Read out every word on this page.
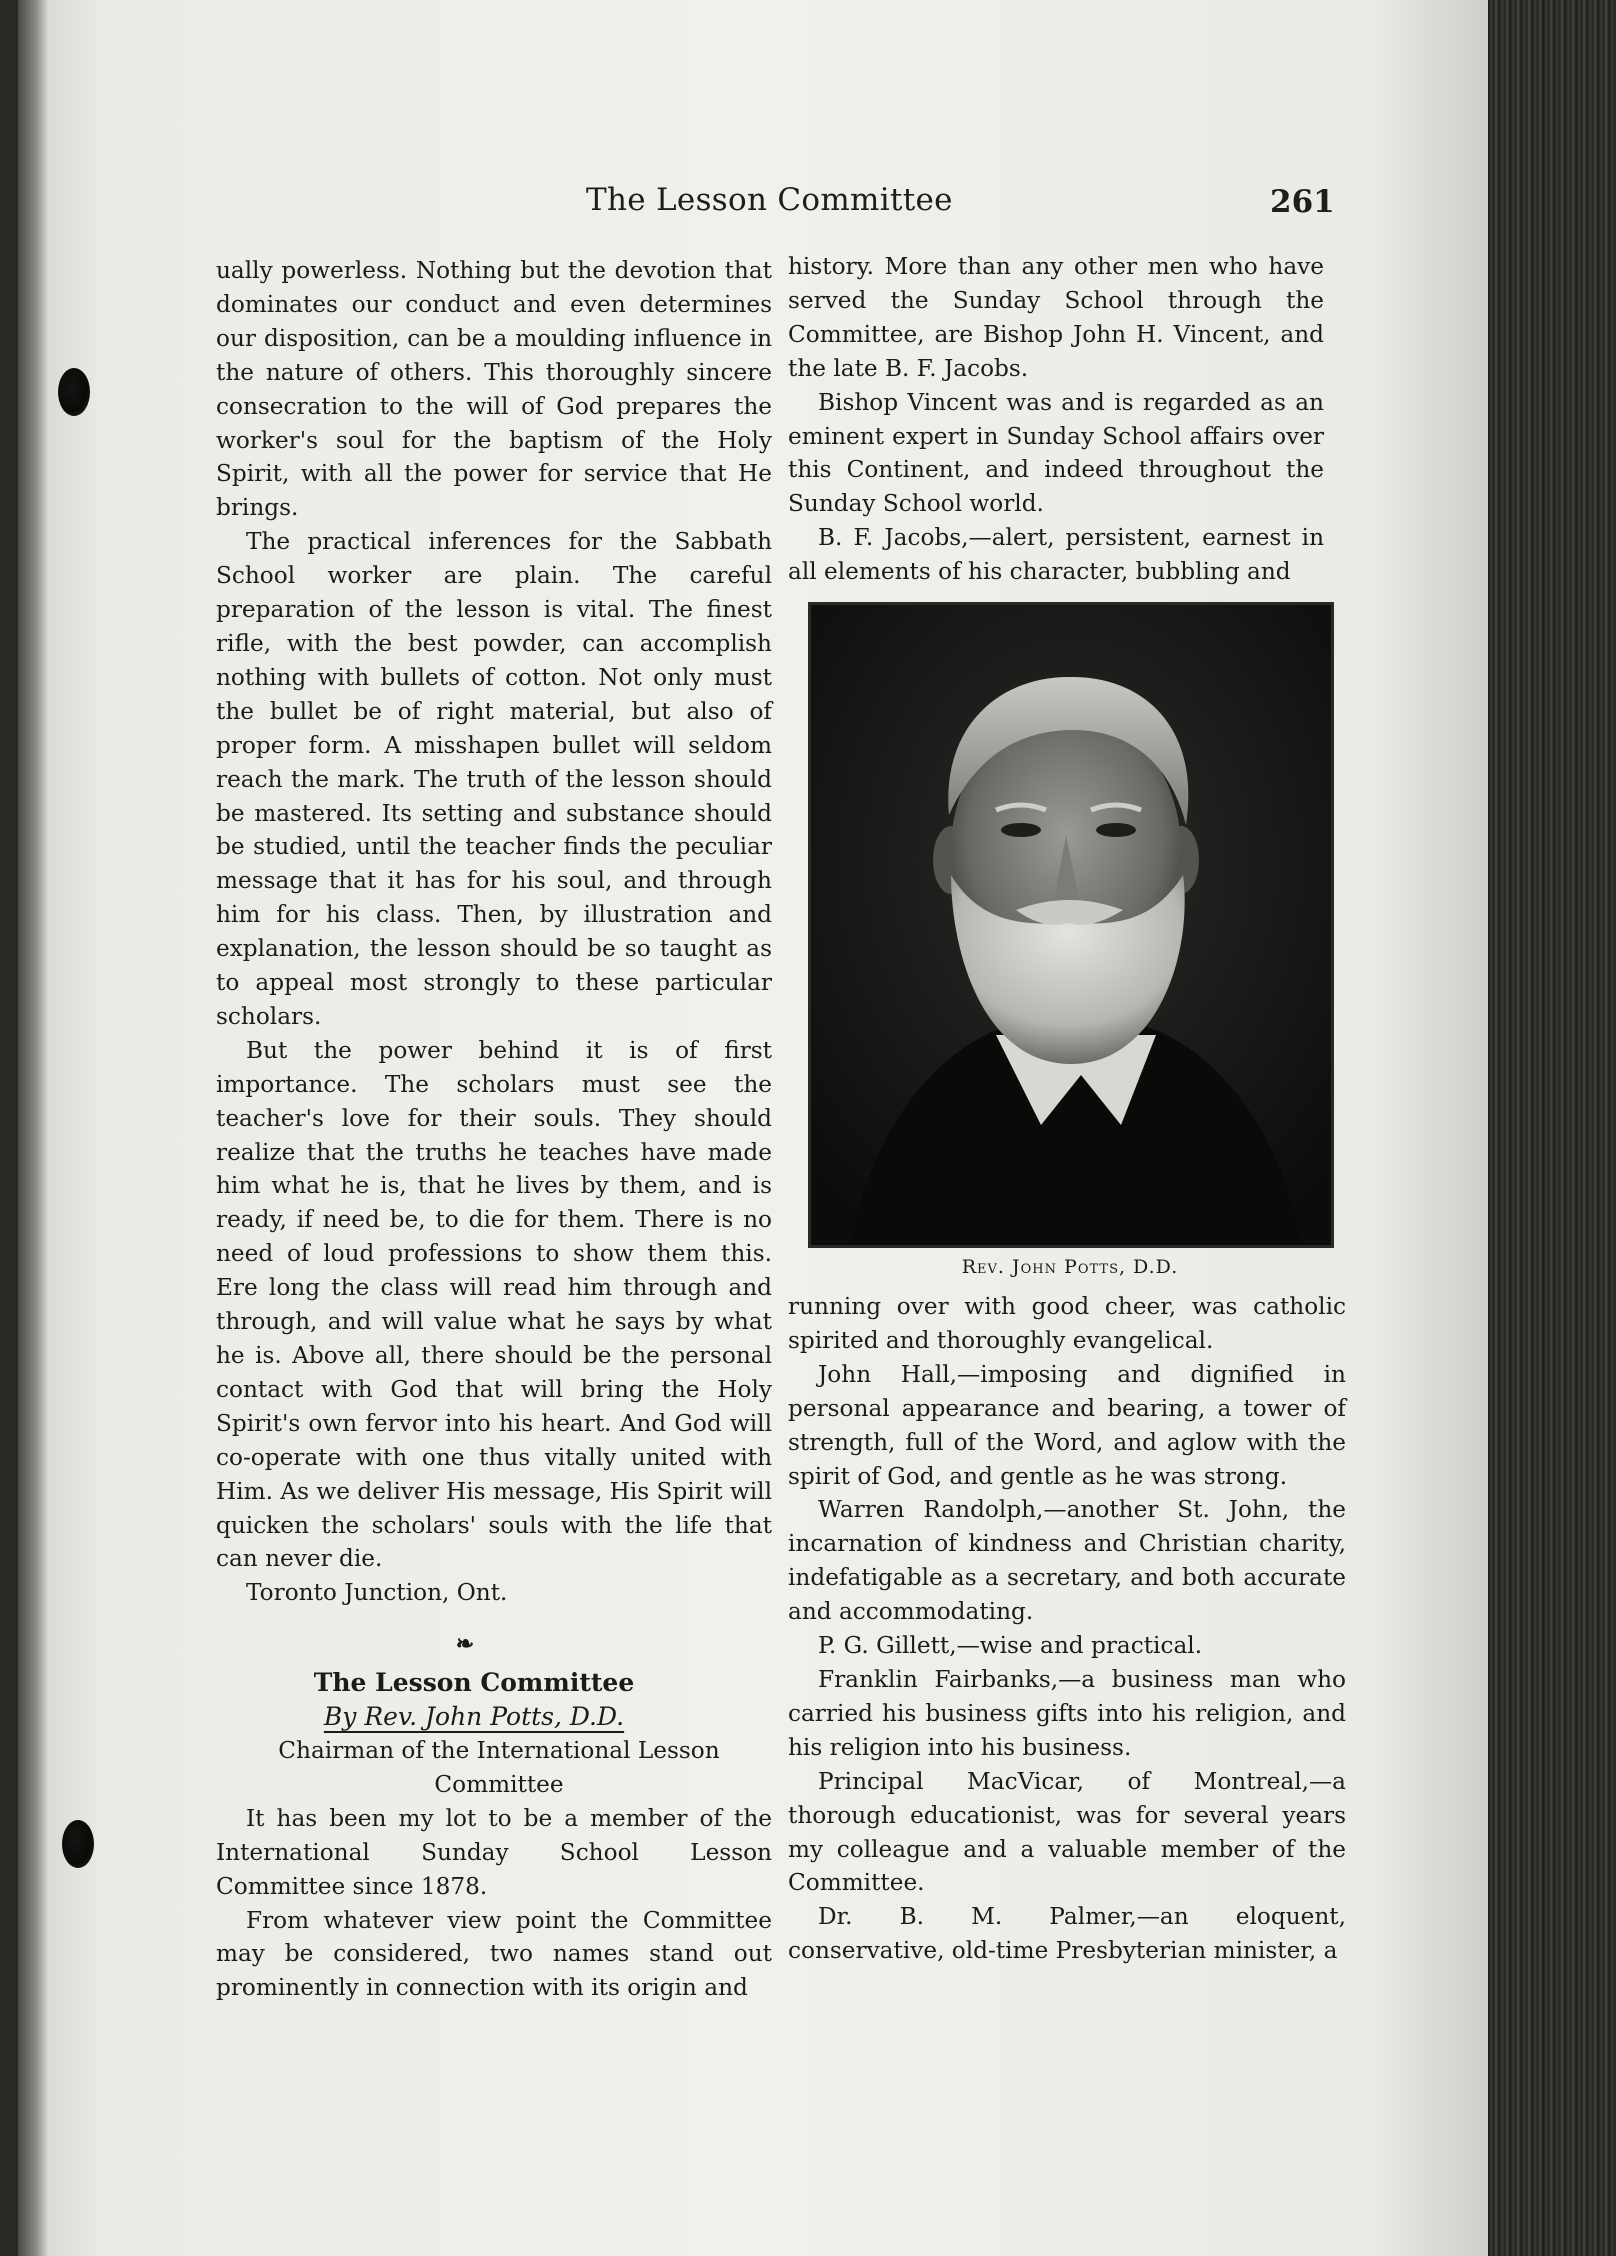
The Lesson Committee	261

ually powerless. Nothing but the devotion that dominates our conduct and even determines our disposition, can be a moulding influence in the nature of others. This thoroughly sincere consecration to the will of God prepares the worker's soul for the baptism of the Holy Spirit, with all the power for service that He brings.

The practical inferences for the Sabbath School worker are plain. The careful preparation of the lesson is vital. The finest rifle, with the best powder, can accomplish nothing with bullets of cotton. Not only must the bullet be of right material, but also of proper form. A misshapen bullet will seldom reach the mark. The truth of the lesson should be mastered. Its setting and substance should be studied, until the teacher finds the peculiar message that it has for his soul, and through him for his class. Then, by illustration and explanation, the lesson should be so taught as to appeal most strongly to these particular scholars.

But the power behind it is of first importance. The scholars must see the teacher's love for their souls. They should realize that the truths he teaches have made him what he is, that he lives by them, and is ready, if need be, to die for them. There is no need of loud professions to show them this. Ere long the class will read him through and through, and will value what he says by what he is. Above all, there should be the personal contact with God that will bring the Holy Spirit's own fervor into his heart. And God will co-operate with one thus vitally united with Him. As we deliver His message, His Spirit will quicken the scholars' souls with the life that can never die.

Toronto Junction, Ont.

❧

The Lesson Committee

By Rev. John Potts, D.D.

Chairman of the International Lesson Committee

It has been my lot to be a member of the International Sunday School Lesson Committee since 1878.

From whatever view point the Committee may be considered, two names stand out prominently in connection with its origin and

history. More than any other men who have served the Sunday School through the Committee, are Bishop John H. Vincent, and the late B. F. Jacobs.

Bishop Vincent was and is regarded as an eminent expert in Sunday School affairs over this Continent, and indeed throughout the Sunday School world.

B. F. Jacobs,—alert, persistent, earnest in all elements of his character, bubbling and

Rev. John Potts, D.D.

running over with good cheer, was catholic spirited and thoroughly evangelical.

John Hall,—imposing and dignified in personal appearance and bearing, a tower of strength, full of the Word, and aglow with the spirit of God, and gentle as he was strong.

Warren Randolph,—another St. John, the incarnation of kindness and Christian charity, indefatigable as a secretary, and both accurate and accommodating.

P. G. Gillett,—wise and practical.

Franklin Fairbanks,—a business man who carried his business gifts into his religion, and his religion into his business.

Principal MacVicar, of Montreal,—a thorough educationist, was for several years my colleague and a valuable member of the Committee.

Dr. B. M. Palmer,—an eloquent, conservative, old-time Presbyterian minister, a
